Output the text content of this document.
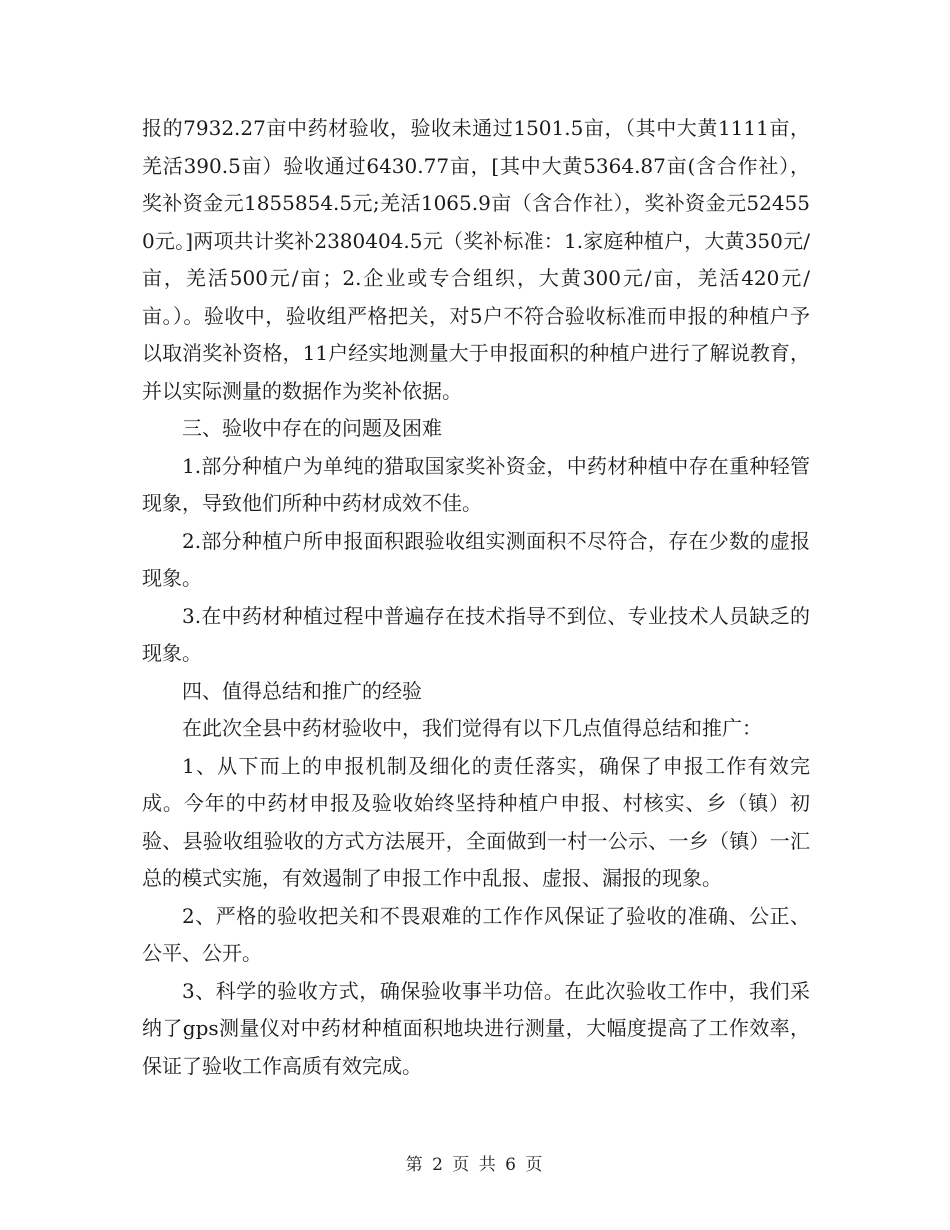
报的7932.27亩中药材验收，验收未通过1501.5亩，（其中大黄1111亩，羌活390.5亩）验收通过6430.77亩，[其中大黄5364.87亩(含合作社），奖补资金元1855854.5元;羌活1065.9亩（含合作社），奖补资金元524550元。]两项共计奖补2380404.5元（奖补标准：1.家庭种植户，大黄350元/亩，羌活500元/亩；2.企业或专合组织，大黄300元/亩，羌活420元/亩。）。验收中，验收组严格把关，对5户不符合验收标准而申报的种植户予以取消奖补资格，11户经实地测量大于申报面积的种植户进行了解说教育，并以实际测量的数据作为奖补依据。

三、验收中存在的问题及困难

1.部分种植户为单纯的猎取国家奖补资金，中药材种植中存在重种轻管现象，导致他们所种中药材成效不佳。

2.部分种植户所申报面积跟验收组实测面积不尽符合，存在少数的虚报现象。

3.在中药材种植过程中普遍存在技术指导不到位、专业技术人员缺乏的现象。

四、值得总结和推广的经验

在此次全县中药材验收中，我们觉得有以下几点值得总结和推广：

1、从下而上的申报机制及细化的责任落实，确保了申报工作有效完成。今年的中药材申报及验收始终坚持种植户申报、村核实、乡（镇）初验、县验收组验收的方式方法展开，全面做到一村一公示、一乡（镇）一汇总的模式实施，有效遏制了申报工作中乱报、虚报、漏报的现象。

2、严格的验收把关和不畏艰难的工作作风保证了验收的准确、公正、公平、公开。

3、科学的验收方式，确保验收事半功倍。在此次验收工作中，我们采纳了gps测量仪对中药材种植面积地块进行测量，大幅度提高了工作效率，保证了验收工作高质有效完成。

第 2 页 共 6 页
